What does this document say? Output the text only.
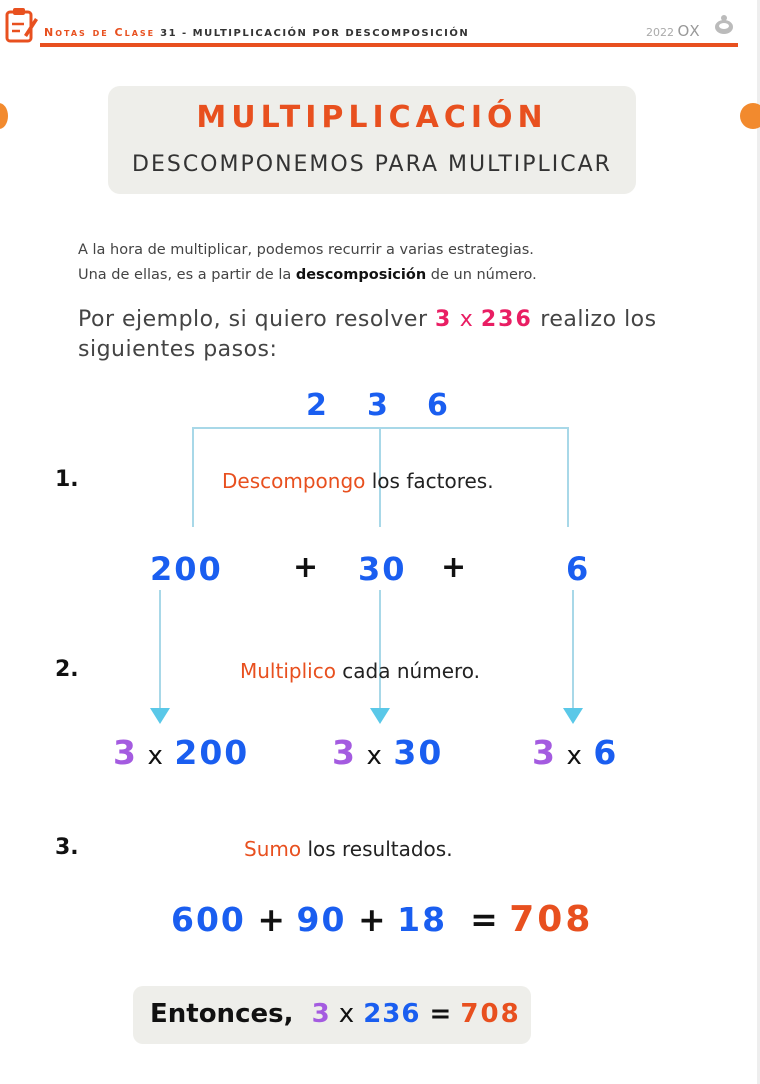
Notas de Clase 31 - MULTIPLICACIÓN POR DESCOMPOSICIÓN	2022 OX
MULTIPLICACIÓN
DESCOMPONEMOS PARA MULTIPLICAR
A la hora de multiplicar, podemos recurrir a varias estrategias.
Una de ellas, es a partir de la descomposición de un número.
Por ejemplo, si quiero resolver 3 x 236 realizo los
siguientes pasos:
2 3 6
1.	Descompongo los factores.
200 + 30 +	6
2.	Multiplico cada número.
3 x 200	3 x 30	3 x 6
3.	Sumo los resultados.
600 + 90 + 18 = 708
Entonces, 3 x 236 = 708
